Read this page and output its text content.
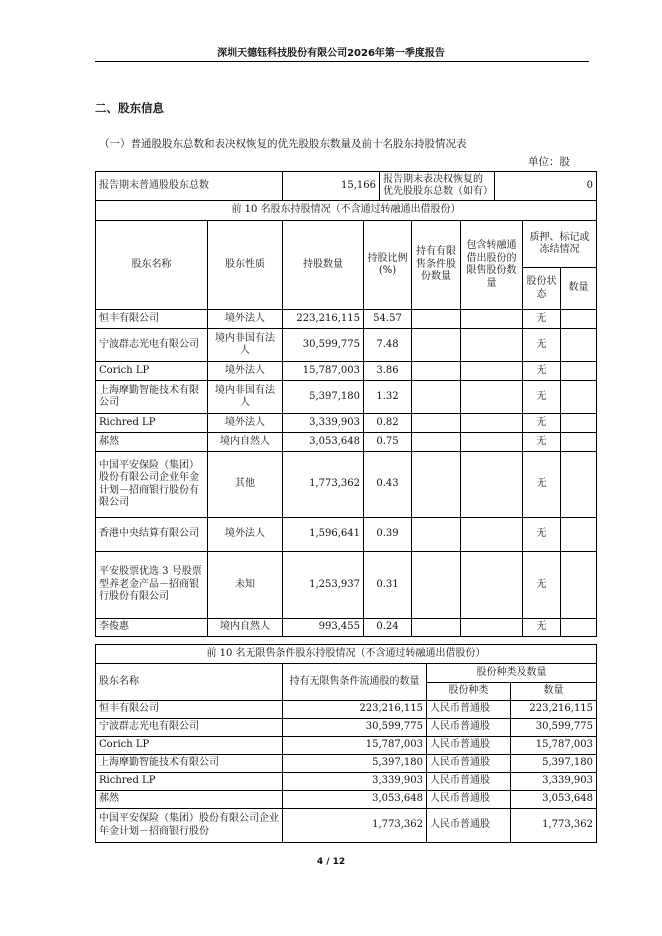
深圳天德钰科技股份有限公司2026年第一季度报告
二、股东信息
（一）普通股股东总数和表决权恢复的优先股股东数量及前十名股东持股情况表
单位：股
报告期末普通股股东总数	15,166	报告期末表决权恢复的优先股股东总数（如有）	0
前 10 名股东持股情况（不含通过转融通出借股份）							
股东名称	股东性质	持股数量	持股比例(%)	持有有限售条件股份数量	包含转融通借出股份的限售股份数量	质押、标记或冻结情况	
						股份状态	数量
恒丰有限公司	境外法人	223,216,115	54.57			无	
宁波群志光电有限公司	境内非国有法人	30,599,775	7.48			无	
Corich LP	境外法人	15,787,003	3.86			无	
上海摩勤智能技术有限公司	境内非国有法人	5,397,180	1.32			无	
Richred LP	境外法人	3,339,903	0.82			无	
郝然	境内自然人	3,053,648	0.75			无	
中国平安保险（集团）股份有限公司企业年金计划－招商银行股份有限公司	其他	1,773,362	0.43			无	
香港中央结算有限公司	境外法人	1,596,641	0.39			无	
平安股票优选 3 号股票型养老金产品－招商银行股份有限公司	未知	1,253,937	0.31			无	
李俊惠	境内自然人	993,455	0.24			无	
前 10 名无限售条件股东持股情况（不含通过转融通出借股份）			
股东名称	持有无限售条件流通股的数量	股份种类及数量	
		股份种类	数量
恒丰有限公司	223,216,115	人民币普通股	223,216,115
宁波群志光电有限公司	30,599,775	人民币普通股	30,599,775
Corich LP	15,787,003	人民币普通股	15,787,003
上海摩勤智能技术有限公司	5,397,180	人民币普通股	5,397,180
Richred LP	3,339,903	人民币普通股	3,339,903
郝然	3,053,648	人民币普通股	3,053,648
中国平安保险（集团）股份有限公司企业年金计划－招商银行股份	1,773,362	人民币普通股	1,773,362
4 / 12
